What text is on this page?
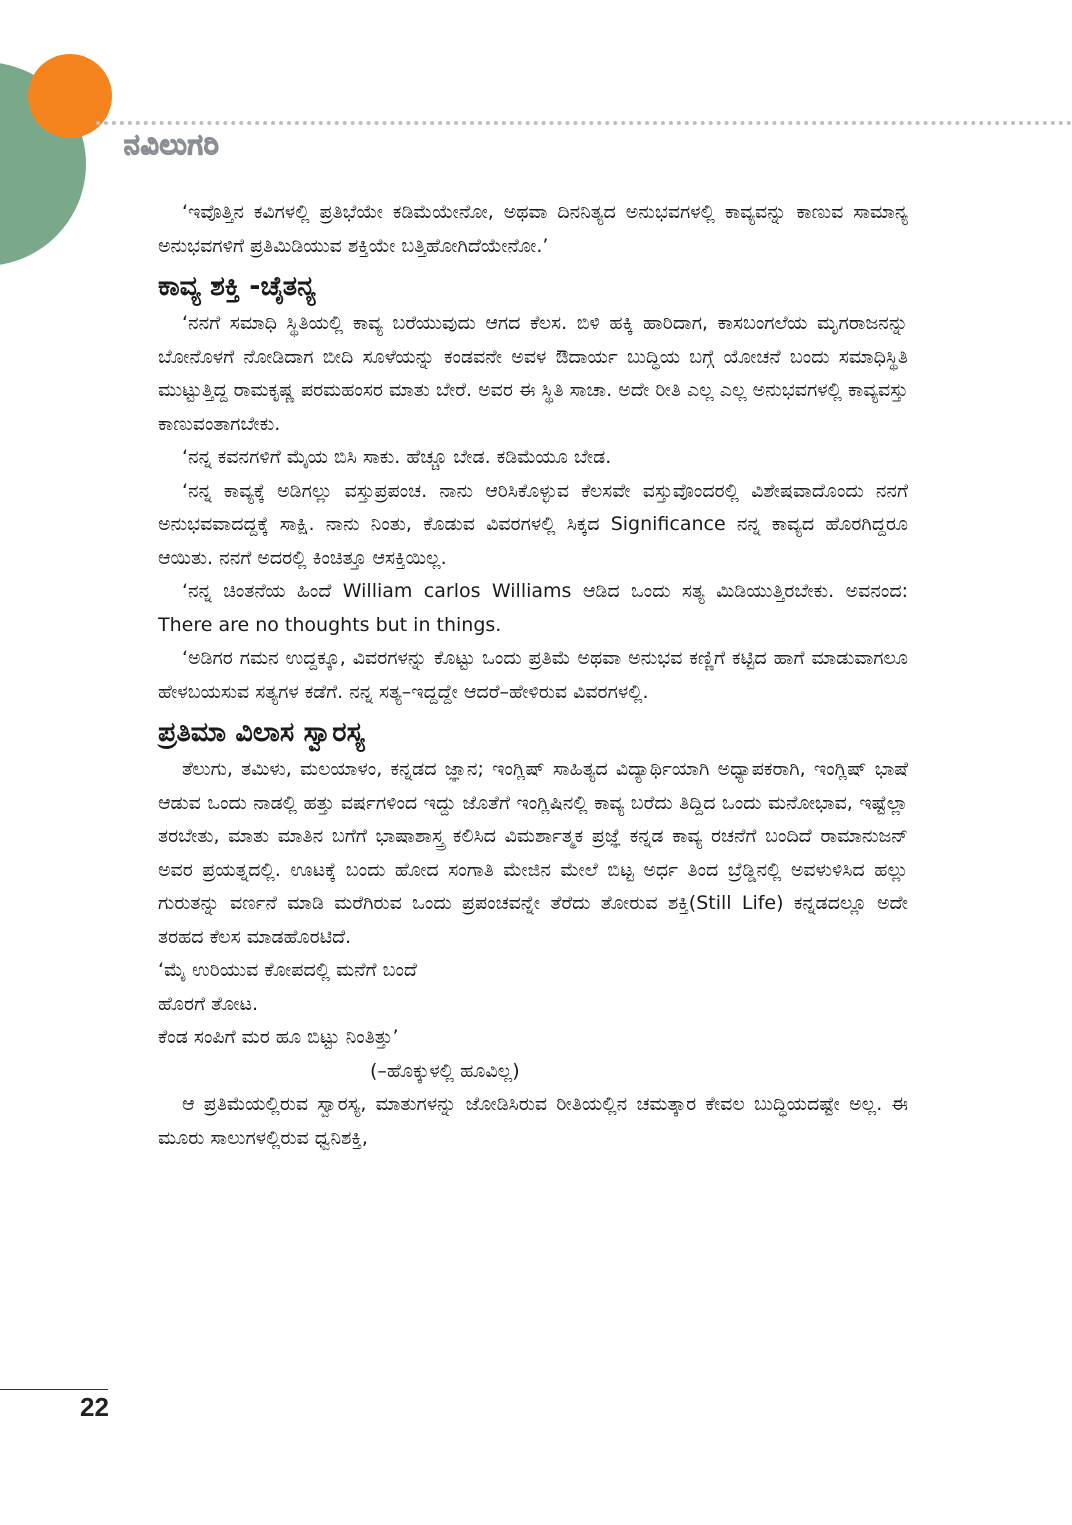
ನವಿಲುಗರಿ

‘ಇವೊತ್ತಿನ ಕವಿಗಳಲ್ಲಿ ಪ್ರತಿಭೆಯೇ ಕಡಿಮೆಯೇನೋ, ಅಥವಾ ದಿನನಿತ್ಯದ ಅನುಭವಗಳಲ್ಲಿ ಕಾವ್ಯವನ್ನು ಕಾಣುವ ಸಾಮಾನ್ಯ ಅನುಭವಗಳಿಗೆ ಪ್ರತಿಮಿಡಿಯುವ ಶಕ್ತಿಯೇ ಬತ್ತಿಹೋಗಿದೆಯೇನೋ.’

ಕಾವ್ಯ ಶಕ್ತಿ -ಚೈತನ್ಯ

‘ನನಗೆ ಸಮಾಧಿ ಸ್ಥಿತಿಯಲ್ಲಿ ಕಾವ್ಯ ಬರೆಯುವುದು ಆಗದ ಕೆಲಸ. ಬಿಳಿ ಹಕ್ಕಿ ಹಾರಿದಾಗ, ಕಾಸಬಂಗಲೆಯ ಮೃಗರಾಜನನ್ನು ಬೋನೊಳಗೆ ನೋಡಿದಾಗ ಬೀದಿ ಸೂಳೆಯನ್ನು ಕಂಡವನೇ ಅವಳ ಔದಾರ್ಯ ಬುದ್ಧಿಯ ಬಗ್ಗೆ ಯೋಚನೆ ಬಂದು ಸಮಾಧಿಸ್ಥಿತಿ ಮುಟ್ಟುತ್ತಿದ್ದ ರಾಮಕೃಷ್ಣ ಪರಮಹಂಸರ ಮಾತು ಬೇರೆ. ಅವರ ಈ ಸ್ಥಿತಿ ಸಾಚಾ. ಅದೇ ರೀತಿ ಎಲ್ಲ ಎಲ್ಲ ಅನುಭವಗಳಲ್ಲಿ ಕಾವ್ಯವಸ್ತು ಕಾಣುವಂತಾಗಬೇಕು.

‘ನನ್ನ ಕವನಗಳಿಗೆ ಮೈಯ ಬಿಸಿ ಸಾಕು. ಹೆಚ್ಚೂ ಬೇಡ. ಕಡಿಮೆಯೂ ಬೇಡ.

‘ನನ್ನ ಕಾವ್ಯಕ್ಕೆ ಅಡಿಗಲ್ಲು ವಸ್ತುಪ್ರಪಂಚ. ನಾನು ಆರಿಸಿಕೊಳ್ಳುವ ಕೆಲಸವೇ ವಸ್ತುವೊಂದರಲ್ಲಿ ವಿಶೇಷವಾದೊಂದು ನನಗೆ ಅನುಭವವಾದದ್ದಕ್ಕೆ ಸಾಕ್ಷಿ. ನಾನು ನಿಂತು, ಕೊಡುವ ವಿವರಗಳಲ್ಲಿ ಸಿಕ್ಕದ Significance ನನ್ನ ಕಾವ್ಯದ ಹೊರಗಿದ್ದರೂ ಆಯಿತು. ನನಗೆ ಅದರಲ್ಲಿ ಕಿಂಚಿತ್ತೂ ಆಸಕ್ತಿಯಿಲ್ಲ.

‘ನನ್ನ ಚಿಂತನೆಯ ಹಿಂದೆ William carlos Williams ಆಡಿದ ಒಂದು ಸತ್ಯ ಮಿಡಿಯುತ್ತಿರಬೇಕು. ಅವನಂದ: There are no thoughts but in things.

‘ಅಡಿಗರ ಗಮನ ಉದ್ದಕ್ಕೂ, ವಿವರಗಳನ್ನು ಕೊಟ್ಟು ಒಂದು ಪ್ರತಿಮೆ ಅಥವಾ ಅನುಭವ ಕಣ್ಣಿಗೆ ಕಟ್ಟಿದ ಹಾಗೆ ಮಾಡುವಾಗಲೂ ಹೇಳಬಯಸುವ ಸತ್ಯಗಳ ಕಡೆಗೆ. ನನ್ನ ಸತ್ಯ–ಇದ್ದದ್ದೇ ಆದರೆ–ಹೇಳಿರುವ ವಿವರಗಳಲ್ಲಿ.

ಪ್ರತಿಮಾ ವಿಲಾಸ ಸ್ವಾರಸ್ಯ

ತೆಲುಗು, ತಮಿಳು, ಮಲಯಾಳಂ, ಕನ್ನಡದ ಜ್ಞಾನ; ಇಂಗ್ಲಿಷ್ ಸಾಹಿತ್ಯದ ವಿದ್ಯಾರ್ಥಿಯಾಗಿ ಅಧ್ಯಾಪಕರಾಗಿ, ಇಂಗ್ಲಿಷ್ ಭಾಷೆ ಆಡುವ ಒಂದು ನಾಡಲ್ಲಿ ಹತ್ತು ವರ್ಷಗಳಿಂದ ಇದ್ದು ಜೊತೆಗೆ ಇಂಗ್ಲಿಷಿನಲ್ಲಿ ಕಾವ್ಯ ಬರೆದು ತಿದ್ದಿದ ಒಂದು ಮನೋಭಾವ, ಇಷ್ಟೆಲ್ಲಾ ತರಬೇತು, ಮಾತು ಮಾತಿನ ಬಗೆಗೆ ಭಾಷಾಶಾಸ್ತ್ರ ಕಲಿಸಿದ ವಿಮರ್ಶಾತ್ಮಕ ಪ್ರಜ್ಞೆ ಕನ್ನಡ ಕಾವ್ಯ ರಚನೆಗೆ ಬಂದಿದೆ ರಾಮಾನುಜನ್ ಅವರ ಪ್ರಯತ್ನದಲ್ಲಿ. ಊಟಕ್ಕೆ ಬಂದು ಹೋದ ಸಂಗಾತಿ ಮೇಜಿನ ಮೇಲೆ ಬಿಟ್ಟ ಅರ್ಧ ತಿಂದ ಬ್ರೆಡ್ಡಿನಲ್ಲಿ ಅವಳುಳಿಸಿದ ಹಲ್ಲು ಗುರುತನ್ನು ವರ್ಣನೆ ಮಾಡಿ ಮರೆಗಿರುವ ಒಂದು ಪ್ರಪಂಚವನ್ನೇ ತೆರೆದು ತೋರುವ ಶಕ್ತಿ(Still Life) ಕನ್ನಡದಲ್ಲೂ ಅದೇ ತರಹದ ಕೆಲಸ ಮಾಡಹೊರಟಿದೆ.

‘ಮೈ ಉರಿಯುವ ಕೋಪದಲ್ಲಿ ಮನೆಗೆ ಬಂದೆ

ಹೊರಗೆ ತೋಟ.

ಕೆಂಡ ಸಂಪಿಗೆ ಮರ ಹೂ ಬಿಟ್ಟು ನಿಂತಿತ್ತು’

(–ಹೊಕ್ಕುಳಲ್ಲಿ ಹೂವಿಲ್ಲ)

ಆ ಪ್ರತಿಮೆಯಲ್ಲಿರುವ ಸ್ವಾರಸ್ಯ, ಮಾತುಗಳನ್ನು ಜೋಡಿಸಿರುವ ರೀತಿಯಲ್ಲಿನ ಚಮತ್ಕಾರ ಕೇವಲ ಬುದ್ಧಿಯದಷ್ಟೇ ಅಲ್ಲ. ಈ ಮೂರು ಸಾಲುಗಳಲ್ಲಿರುವ ಧ್ವನಿಶಕ್ತಿ,

22
